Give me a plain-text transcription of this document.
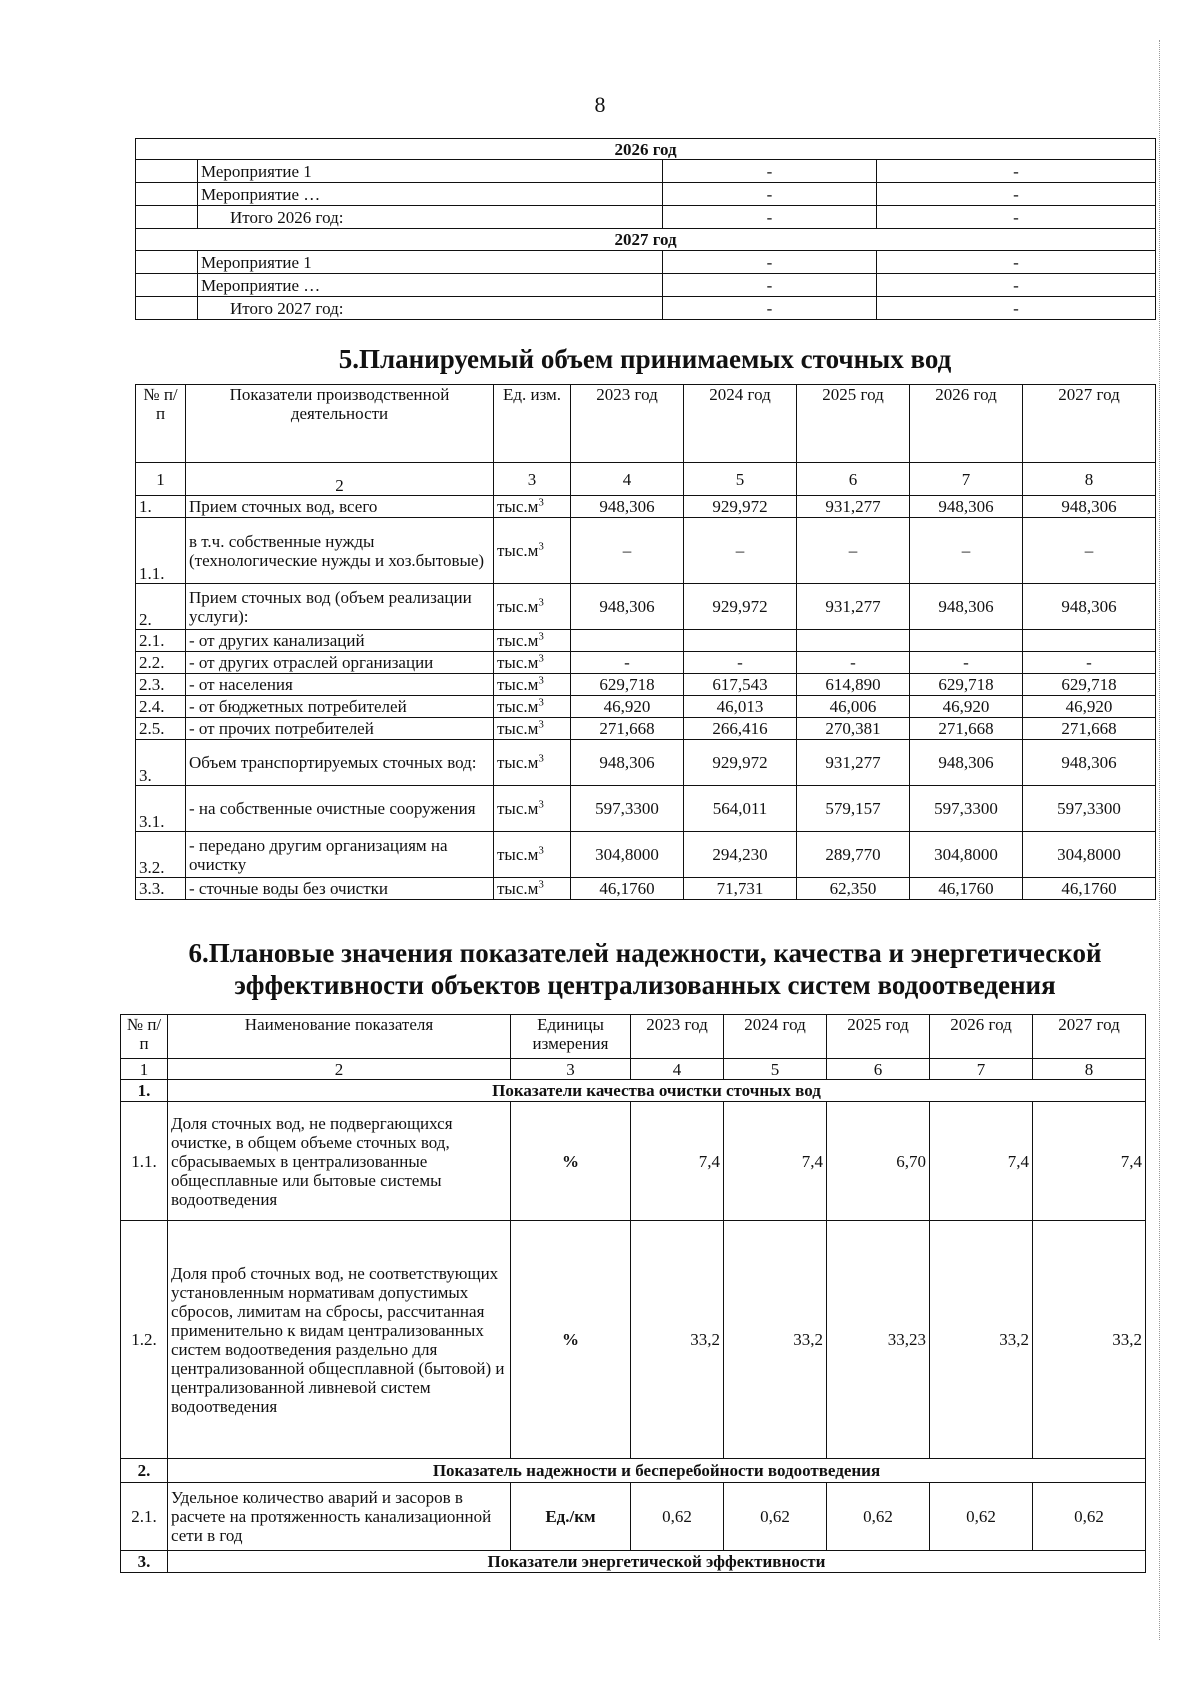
8
2026 год			
	Мероприятие 1	-	-
	Мероприятие …	-	-
	Итого 2026 год:	-	-
2027 год			
	Мероприятие 1	-	-
	Мероприятие …	-	-
	Итого 2027 год:	-	-
5.Планируемый объем принимаемых сточных вод
№ п/п	Показатели производственной деятельности	Ед. изм.	2023 год	2024 год	2025 год	2026 год	2027 год
1	2	3	4	5	6	7	8
1.	Прием сточных вод, всего	$тыс.м^3$	948,306	929,972	931,277	948,306	948,306
1.1.	в т.ч. собственные нужды (технологические нужды и хоз.бытовые)	$тыс.м^3$	–	–	–	–	–
2.	Прием сточных вод (объем реализации услуги):	$тыс.м^3$	948,306	929,972	931,277	948,306	948,306
2.1.	- от других канализаций	$тыс.м^3$					
2.2.	- от других отраслей организации	$тыс.м^3$	-	-	-	-	-
2.3.	- от населения	$тыс.м^3$	629,718	617,543	614,890	629,718	629,718
2.4.	- от бюджетных потребителей	$тыс.м^3$	46,920	46,013	46,006	46,920	46,920
2.5.	- от прочих потребителей	$тыс.м^3$	271,668	266,416	270,381	271,668	271,668
3.	Объем транспортируемых сточных вод:	$тыс.м^3$	948,306	929,972	931,277	948,306	948,306
3.1.	- на собственные очистные сооружения	$тыс.м^3$	597,3300	564,011	579,157	597,3300	597,3300
3.2.	- передано другим организациям на очистку	$тыс.м^3$	304,8000	294,230	289,770	304,8000	304,8000
3.3.	- сточные воды без очистки	$тыс.м^3$	46,1760	71,731	62,350	46,1760	46,1760
6.Плановые значения показателей надежности, качества и энергетической
эффективности объектов централизованных систем водоотведения
№ п/п	Наименование показателя	Единицы измерения	2023 год	2024 год	2025 год	2026 год	2027 год
1	2	3	4	5	6	7	8
1.	Показатели качества очистки сточных вод						
1.1.	Доля сточных вод, не подвергающихся очистке, в общем объеме сточных вод, сбрасываемых в централизованные общесплавные или бытовые системы водоотведения	%	7,4	7,4	6,70	7,4	7,4
1.2.	Доля проб сточных вод, не соответствующих установленным нормативам допустимых сбросов, лимитам на сбросы, рассчитанная применительно к видам централизованных систем водоотведения раздельно для централизованной общесплавной (бытовой) и централизованной ливневой систем водоотведения	%	33,2	33,2	33,23	33,2	33,2
2.	Показатель надежности и бесперебойности водоотведения						
2.1.	Удельное количество аварий и засоров в расчете на протяженность канализационной сети в год	Ед./км	0,62	0,62	0,62	0,62	0,62
3.	Показатели энергетической эффективности						
